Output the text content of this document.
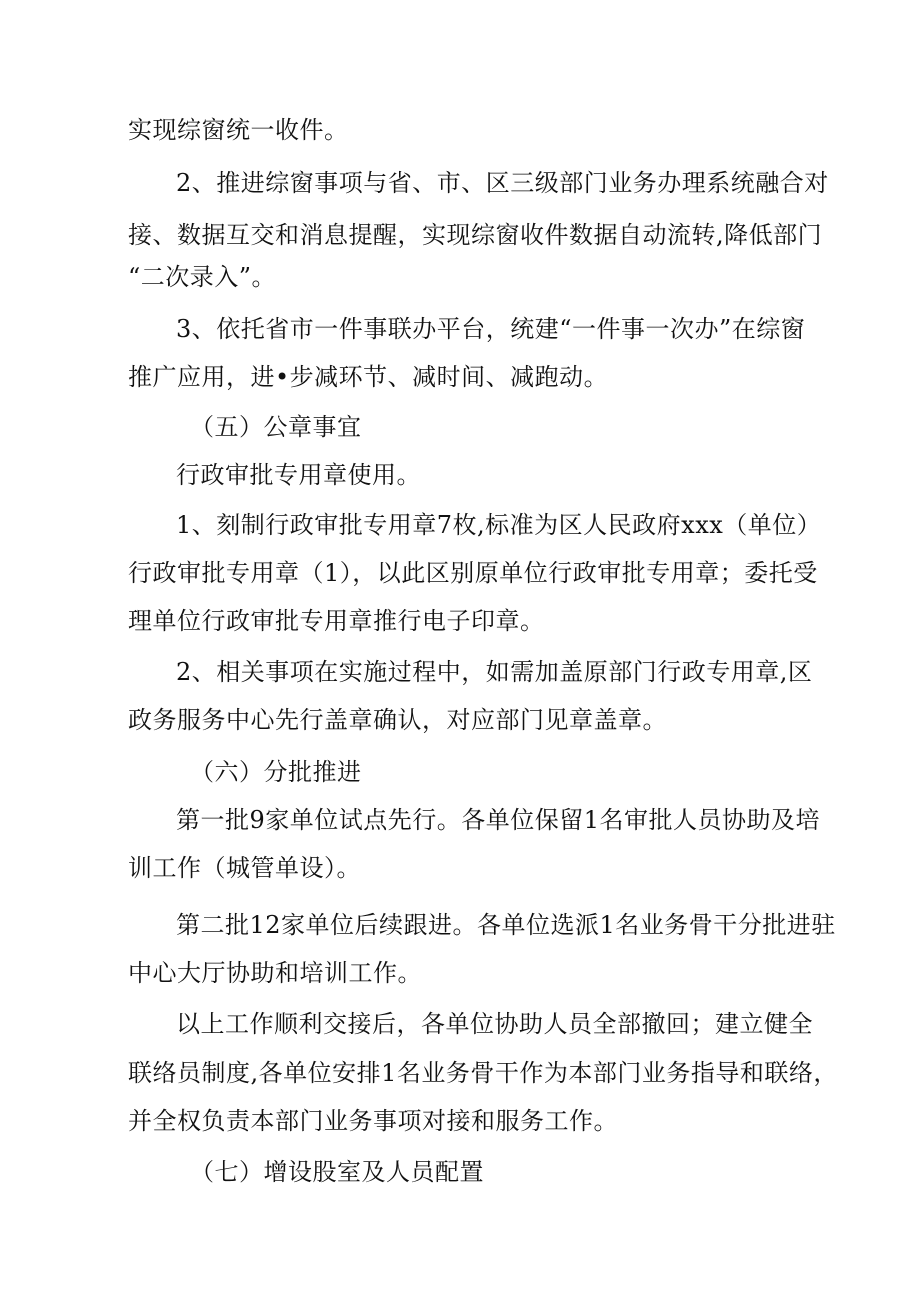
实现综窗统一收件。

2、推进综窗事项与省、市、区三级部门业务办理系统融合对

接、数据互交和消息提醒，实现综窗收件数据自动流转,降低部门

“二次录入”。

3、依托省市一件事联办平台，统建“一件事一次办”在综窗

推广应用，进•步减环节、减时间、减跑动。

（五）公章事宜

行政审批专用章使用。

1、刻制行政审批专用章7枚,标准为区人民政府xxx（单位）

行政审批专用章（1），以此区别原单位行政审批专用章；委托受

理单位行政审批专用章推行电子印章。

2、相关事项在实施过程中，如需加盖原部门行政专用章,区

政务服务中心先行盖章确认，对应部门见章盖章。

（六）分批推进

第一批9家单位试点先行。各单位保留1名审批人员协助及培

训工作（城管单设）。

第二批12家单位后续跟进。各单位选派1名业务骨干分批进驻

中心大厅协助和培训工作。

以上工作顺利交接后，各单位协助人员全部撤回；建立健全

联络员制度,各单位安排1名业务骨干作为本部门业务指导和联络，

并全权负责本部门业务事项对接和服务工作。

（七）增设股室及人员配置
